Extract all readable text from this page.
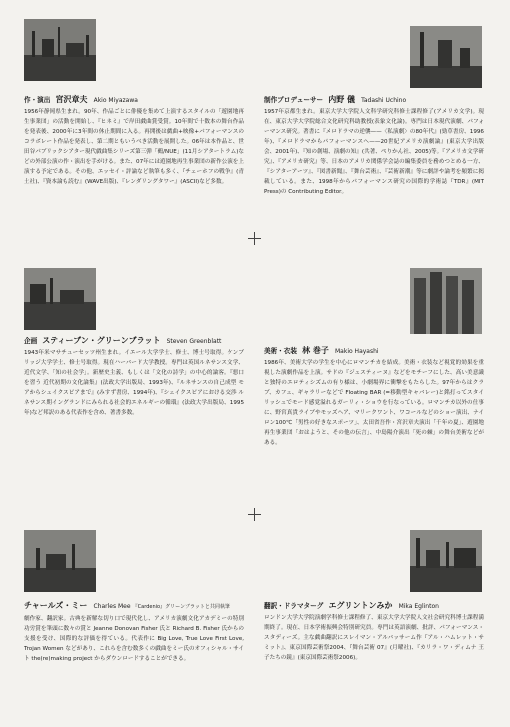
作・演出 宮沢章夫 Akio Miyazawa
1956年静岡県生まれ。90年、作品ごとに俳優を集めて上演するスタイルの「遊園地再生事業団」の活動を開始し、『ヒネミ』で岸田戯曲賞受賞。10年間で十数本の舞台作品を発表後、2000年に3年間の休止期間に入る。再開後は戯曲+映像+パフォーマンスのコラボレート作品を発表し、第二期ともいうべき活動を展開した。06年は本作品と、世田谷パブリックシアター現代戯曲集シリーズ第三弾「鵺/NUE」(11月シアタートラム)などの外部公演の作・演出を手がける。また、07年には遊園地再生事業団の新作公演を上演する予定である。その他、エッセイ・評論など執筆も多く、『チェーホフの戦争』(青土社)、『資本論も読む』(WAVE出版)、『レンダリングタワー』(ASCII)など多数。
制作プロデューサー 内野 儀 Tadashi Uchino
1957年京都生まれ。東京大学大学院人文科学研究科修士課程修了(アメリカ文学)。現在、東京大学大学院総合文化研究科助教授(表象文化論)。専門は日本現代演劇、パフォーマンス研究。著書に『メロドラマの逆襲——〈私演劇〉の80年代』(勁草書房、1996年)、『メロドラマからパフォーマンスへ——20世紀アメリカ演劇論』(東京大学出版会、2001年)、『知の創場、演劇の知』(共著、ぺりかん社、2005)等。『アメリカ文学研究』、『アメリカ研究』等、日本のアメリカ関係学会誌の編集委員を務めつとめる一方、『シアターアーツ』、『図書新聞』、『舞台芸術』、『芸術新潮』等に劇評や論考を頻繁に掲載している。また、1998年からパフォーマンス研究の国際的学術誌『TDR』(MIT Press)の Contributing Editor。
企画 スティーブン・グリーンブラット Steven Greenblatt
1943年米マサチューセッツ州生まれ。イエール大学学士、修士、博士号取得。ケンブリッジ大学学士、修士号取得。現在ハーバード大学教授。専門は英国ルネサンス文学、近代文学、「知の社会学」。新歴史主義、もしくは「文化の詩学」の中心的論客。『悪口を習う 近代初期の文化論集』(法政大学出版局、1993年)、『ルネサンスの自己成型 モアからシェイクスピアまで』(みすず書房、1994年)、『シェイクスピアにおける交渉 ルネサンス期イングランドにみられる社会的エネルギーの循環』(法政大学出版局、1995年)など邦訳のある代表作を含め、著書多数。
美術・衣装 林 巻子 Makio Hayashi
1986年、美術大学の学生を中心にロマンチカを結成。美術・衣装など視覚的効果を重視した演劇作品を上演。サドの『ジュスティーヌ』などをモチーフにした、高い美意識と独特のエロティシズムの有り様は、小劇場界に衝撃をもたらした。97年からはクラブ、カフェ、ギャラリーなどで Floating BAR (=移動型キャバレー)と銘打ってスタイリッシュでモード感覚溢れるガーリィ・ショウを行なっている。ロマンチカ以外の仕事に、野宮真貴ライブやモッズヘア、マリークワント、ワコールなどのショー演出、ナイロン100℃「男性の好きなスポーツ」、太田省吾作・宮沢章夫演出「千年の夏」、遊園地再生事業団「おはようと、その他の伝言」、中島陽介演出「死の棘」の舞台美術などがある。
チャールズ・ミー Charles Mee 『Cardenio』グリーンブラットと共同執筆
劇作家、翻訳家。古典を新解な切り口で現代化し、アメリカ演劇文化アカデミーの特別功労賞を筆頭に数々の賞と Jeanne Donovan Fisher 氏と Richard B. Fisher 氏からの支援を受け、国際的な評価を得ている。代表作に Big Love, True Love First Love, Trojan Women などがあり、これらを含む数多くの戯曲をミー氏のオフィシャル・サイト the(re)making project からダウンロードすることができる。
翻訳・ドラマターグ エグリントンみか Mika Eglinton
ロンドン大学大学院演劇学科修士課程修了、東京大学大学院人文社会研究科博士課程満期終了。現在、日本学術振興会特別研究員。専門は英語演劇、批評、パフォーマンス・スタディーズ。主な戯曲翻訳にスレイマン・アルバッサーム作『アル・ハムレット・サミット』、東京国際芸術祭2004、『舞台芸術 07』(月曜社)、『カリラ・ワ・ディムナ 王子たちの鏡』(東京国際芸術祭2006)。
